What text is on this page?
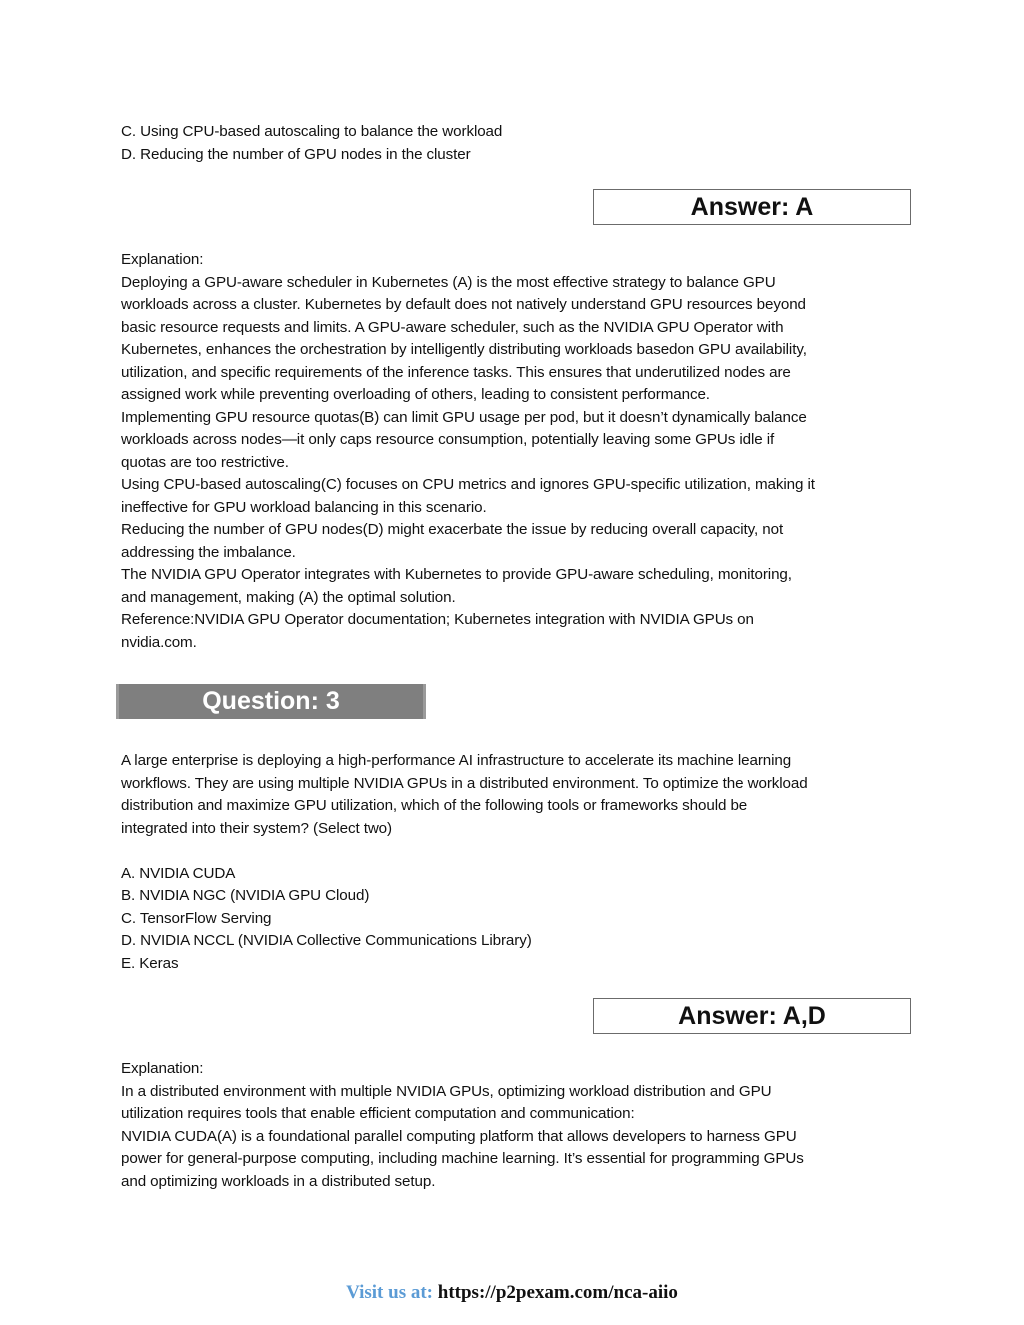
C. Using CPU-based autoscaling to balance the workload
D. Reducing the number of GPU nodes in the cluster
Answer: A
Explanation:
Deploying a GPU-aware scheduler in Kubernetes (A) is the most effective strategy to balance GPU
workloads across a cluster. Kubernetes by default does not natively understand GPU resources beyond
basic resource requests and limits. A GPU-aware scheduler, such as the NVIDIA GPU Operator with
Kubernetes, enhances the orchestration by intelligently distributing workloads basedon GPU availability,
utilization, and specific requirements of the inference tasks. This ensures that underutilized nodes are
assigned work while preventing overloading of others, leading to consistent performance.
Implementing GPU resource quotas(B) can limit GPU usage per pod, but it doesn’t dynamically balance
workloads across nodes—it only caps resource consumption, potentially leaving some GPUs idle if
quotas are too restrictive.
Using CPU-based autoscaling(C) focuses on CPU metrics and ignores GPU-specific utilization, making it
ineffective for GPU workload balancing in this scenario.
Reducing the number of GPU nodes(D) might exacerbate the issue by reducing overall capacity, not
addressing the imbalance.
The NVIDIA GPU Operator integrates with Kubernetes to provide GPU-aware scheduling, monitoring,
and management, making (A) the optimal solution.
Reference:NVIDIA GPU Operator documentation; Kubernetes integration with NVIDIA GPUs on
nvidia.com.
Question: 3
A large enterprise is deploying a high-performance AI infrastructure to accelerate its machine learning
workflows. They are using multiple NVIDIA GPUs in a distributed environment. To optimize the workload
distribution and maximize GPU utilization, which of the following tools or frameworks should be
integrated into their system? (Select two)
A. NVIDIA CUDA
B. NVIDIA NGC (NVIDIA GPU Cloud)
C. TensorFlow Serving
D. NVIDIA NCCL (NVIDIA Collective Communications Library)
E. Keras
Answer: A,D
Explanation:
In a distributed environment with multiple NVIDIA GPUs, optimizing workload distribution and GPU
utilization requires tools that enable efficient computation and communication:
NVIDIA CUDA(A) is a foundational parallel computing platform that allows developers to harness GPU
power for general-purpose computing, including machine learning. It’s essential for programming GPUs
and optimizing workloads in a distributed setup.
Visit us at: https://p2pexam.com/nca-aiio
